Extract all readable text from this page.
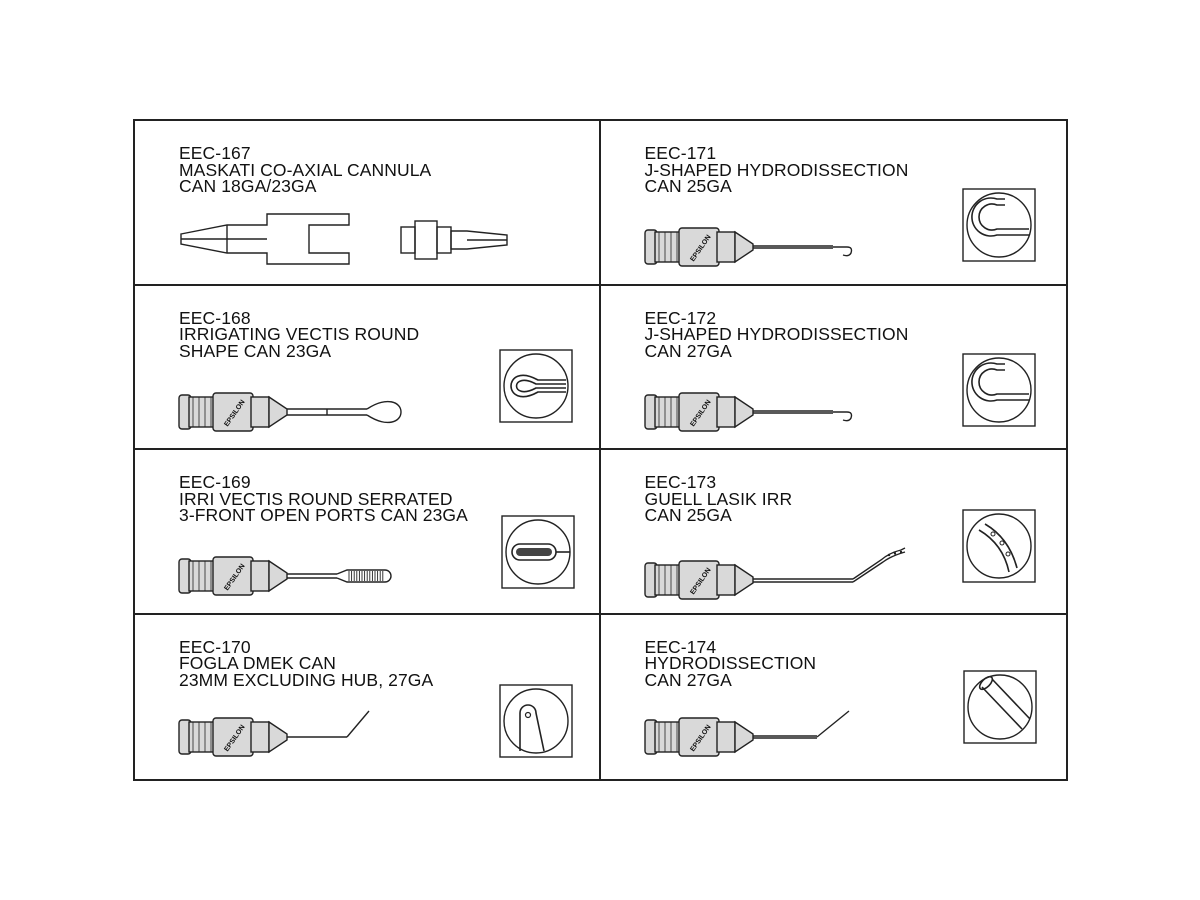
EEC-167
MASKATI CO-AXIAL CANNULA
CAN 18GA/23GA
EPSILON
EEC-171
J-SHAPED HYDRODISSECTION
CAN 25GA
EPSILON
EEC-168
IRRIGATING VECTIS ROUND
SHAPE CAN 23GA
EPSILON
EEC-172
J-SHAPED HYDRODISSECTION
CAN 27GA
EPSILON
EEC-169
IRRI VECTIS ROUND SERRATED
3-FRONT OPEN PORTS CAN 23GA
EPSILON
EEC-173
GUELL LASIK IRR
CAN 25GA
EPSILON
EEC-170
FOGLA DMEK CAN
23MM EXCLUDING HUB, 27GA
EPSILON
EEC-174
HYDRODISSECTION
CAN 27GA
